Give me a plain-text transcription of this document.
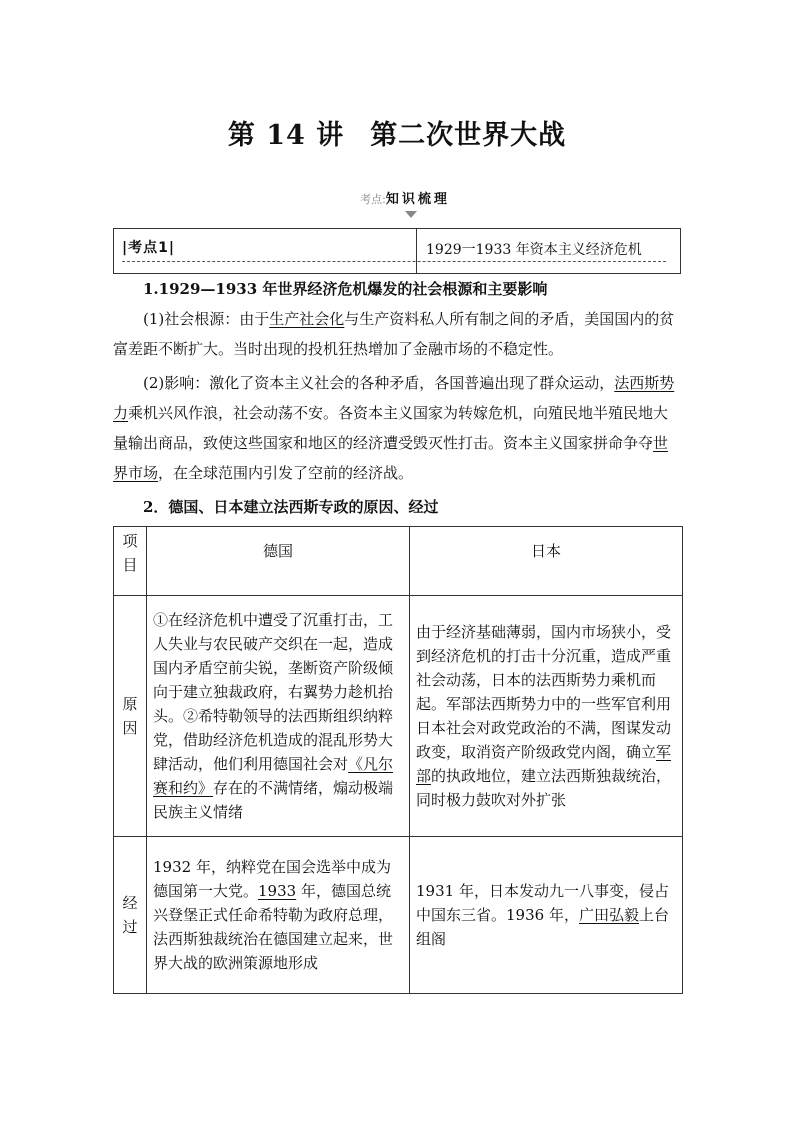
第 14 讲 第二次世界大战
考点:知识梳理
|考点1|	1929一1933 年资本主义经济危机
1.1929—1933 年世界经济危机爆发的社会根源和主要影响
(1)社会根源：由于生产社会化与生产资料私人所有制之间的矛盾，美国国内的贫富差距不断扩大。当时出现的投机狂热增加了金融市场的不稳定性。
(2)影响：激化了资本主义社会的各种矛盾，各国普遍出现了群众运动，法西斯势力乘机兴风作浪，社会动荡不安。各资本主义国家为转嫁危机，向殖民地半殖民地大量输出商品，致使这些国家和地区的经济遭受毁灭性打击。资本主义国家拼命争夺世界市场，在全球范围内引发了空前的经济战。
2．德国、日本建立法西斯专政的原因、经过
项目	德国	日本
原因	①在经济危机中遭受了沉重打击，工人失业与农民破产交织在一起，造成国内矛盾空前尖锐，垄断资产阶级倾向于建立独裁政府，右翼势力趁机抬头。②希特勒领导的法西斯组织纳粹党，借助经济危机造成的混乱形势大肆活动，他们利用德国社会对《凡尔赛和约》存在的不满情绪，煽动极端民族主义情绪	由于经济基础薄弱，国内市场狭小，受到经济危机的打击十分沉重，造成严重社会动荡，日本的法西斯势力乘机而起。军部法西斯势力中的一些军官利用日本社会对政党政治的不满，图谋发动政变，取消资产阶级政党内阁，确立军部的执政地位，建立法西斯独裁统治，同时极力鼓吹对外扩张
经过	1932 年，纳粹党在国会选举中成为德国第一大党。1933 年，德国总统兴登堡正式任命希特勒为政府总理，法西斯独裁统治在德国建立起来，世界大战的欧洲策源地形成	1931 年，日本发动九一八事变，侵占中国东三省。1936 年，广田弘毅上台组阁
